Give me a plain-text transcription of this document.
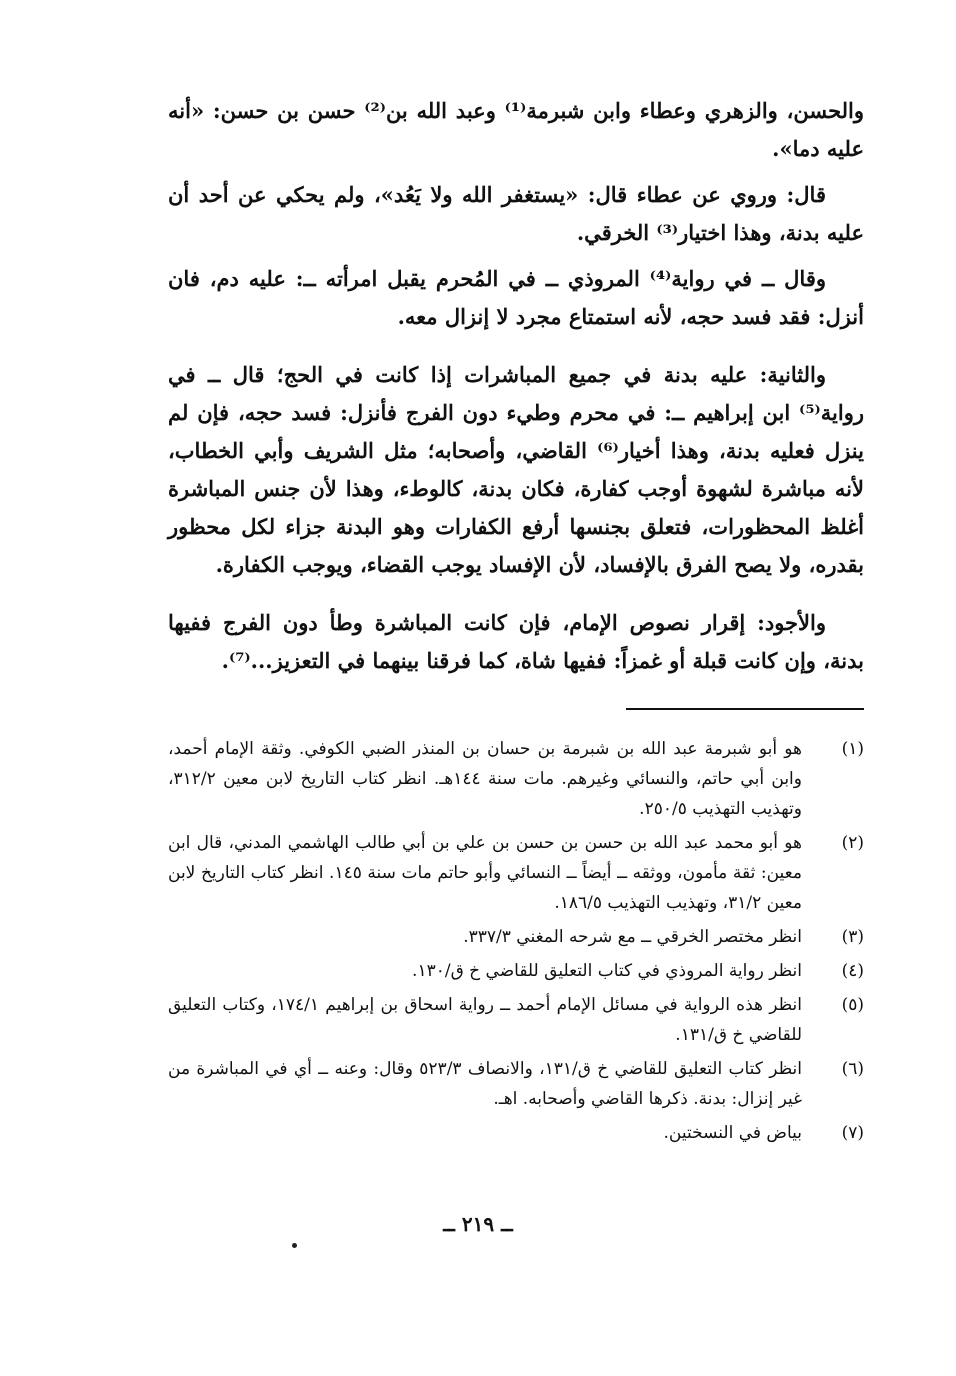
والحسن، والزهري وعطاء وابن شبرمة⁽¹⁾ وعبد الله بن⁽²⁾ حسن بن حسن: «أنه عليه دما».

قال: وروي عن عطاء قال: «يستغفر الله ولا يَعُد»، ولم يحكي عن أحد أن عليه بدنة، وهذا اختيار⁽³⁾ الخرقي.

وقال ــ في رواية⁽⁴⁾ المروذي ــ في المُحرم يقبل امرأته ــ: عليه دم، فان أنزل: فقد فسد حجه، لأنه استمتاع مجرد لا إنزال معه.

والثانية: عليه بدنة في جميع المباشرات إذا كانت في الحج؛ قال ــ في رواية⁽⁵⁾ ابن إبراهيم ــ: في محرم وطيء دون الفرج فأنزل: فسد حجه، فإن لم ينزل فعليه بدنة، وهذا أخيار⁽⁶⁾ القاضي، وأصحابه؛ مثل الشريف وأبي الخطاب، لأنه مباشرة لشهوة أوجب كفارة، فكان بدنة، كالوطء، وهذا لأن جنس المباشرة أغلظ المحظورات، فتعلق بجنسها أرفع الكفارات وهو البدنة جزاء لكل محظور بقدره، ولا يصح الفرق بالإفساد، لأن الإفساد يوجب القضاء، ويوجب الكفارة.

والأجود: إقرار نصوص الإمام، فإن كانت المباشرة وطأ دون الفرج ففيها بدنة، وإن كانت قبلة أو غمزاً: ففيها شاة، كما فرقنا بينهما في التعزيز...⁽⁷⁾.

(١)
هو أبو شبرمة عبد الله بن شبرمة بن حسان بن المنذر الضبي الكوفي. وثقة الإمام أحمد، وابن أبي حاتم، والنسائي وغيرهم. مات سنة ١٤٤هـ. انظر كتاب التاريخ لابن معين ٣١٢/٢، وتهذيب التهذيب ٢٥٠/٥.
(٢)
هو أبو محمد عبد الله بن حسن بن حسن بن علي بن أبي طالب الهاشمي المدني، قال ابن معين: ثقة مأمون، ووثقه ــ أيضاً ــ النسائي وأبو حاتم مات سنة ١٤٥. انظر كتاب التاريخ لابن معين ٣١/٢، وتهذيب التهذيب ١٨٦/٥.
(٣)
انظر مختصر الخرقي ــ مع شرحه المغني ٣٣٧/٣.
(٤)
انظر رواية المروذي في كتاب التعليق للقاضي خ ق/١٣٠.
(٥)
انظر هذه الرواية في مسائل الإمام أحمد ــ رواية اسحاق بن إبراهيم ١٧٤/١، وكتاب التعليق للقاضي خ ق/١٣١.
(٦)
انظر كتاب التعليق للقاضي خ ق/١٣١، والانصاف ٥٢٣/٣ وقال: وعنه ــ أي في المباشرة من غير إنزال: بدنة. ذكرها القاضي وأصحابه. اهـ.
(٧)
بياض في النسختين.
ــ ٢١٩ ــ
